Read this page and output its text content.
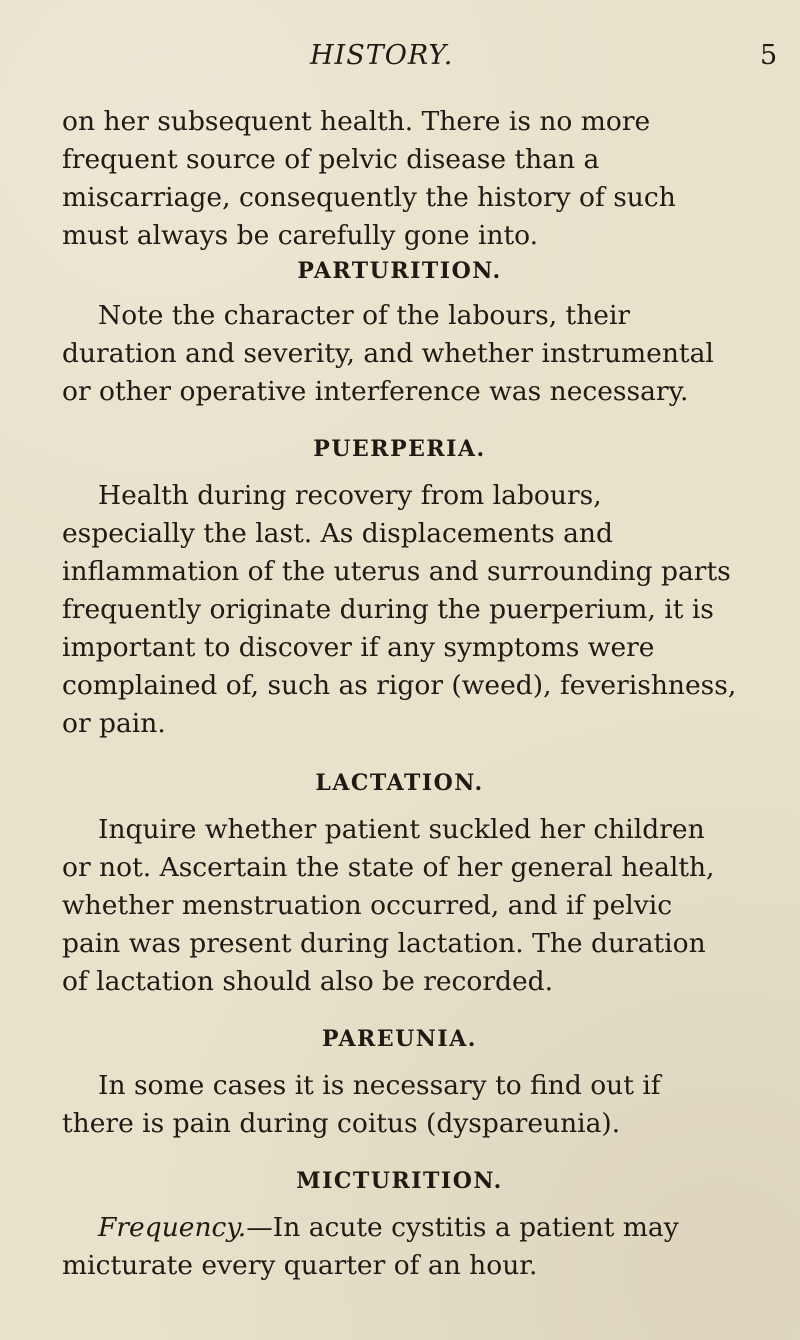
HISTORY.	5

on her subsequent health. There is no more frequent source of pelvic disease than a miscarriage, consequently the history of such must always be carefully gone into.

PARTURITION.

Note the character of the labours, their duration and severity, and whether instrumental or other operative interference was necessary.

PUERPERIA.

Health during recovery from labours, especially the last. As displacements and inflammation of the uterus and surrounding parts frequently originate during the puerperium, it is important to discover if any symptoms were complained of, such as rigor (weed), feverishness, or pain.

LACTATION.

Inquire whether patient suckled her children or not. Ascertain the state of her general health, whether menstruation occurred, and if pelvic pain was present during lactation. The duration of lactation should also be recorded.

PAREUNIA.

In some cases it is necessary to find out if there is pain during coitus (dyspareunia).

MICTURITION.

Frequency.—In acute cystitis a patient may micturate every quarter of an hour.
